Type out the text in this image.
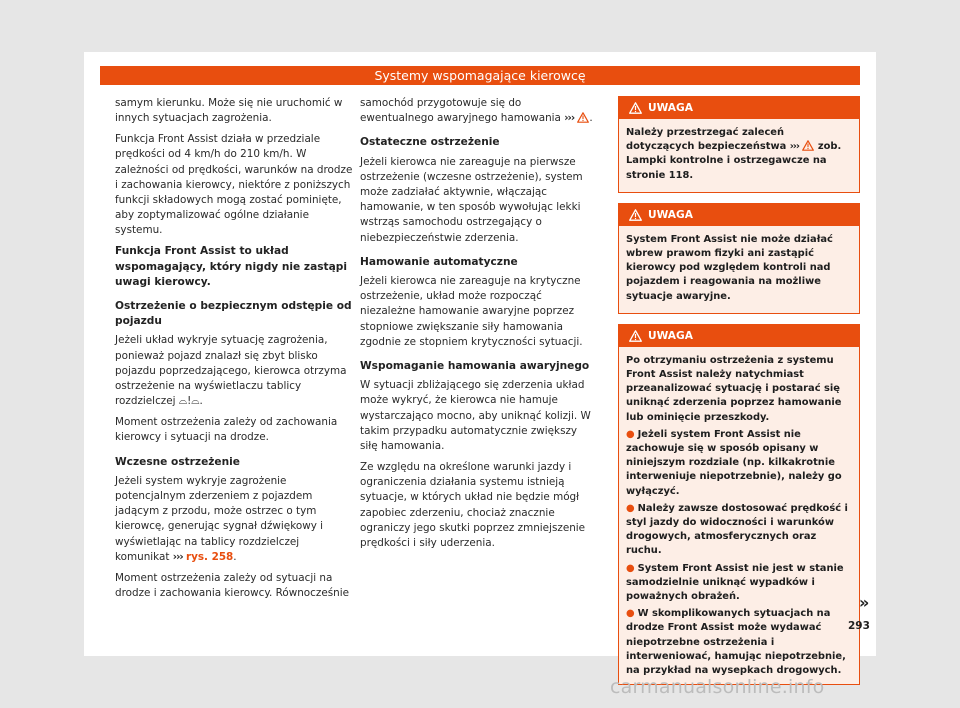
Systemy wspomagające kierowcę

samym kierunku. Może się nie uruchomić w innych sytuacjach zagrożenia.

Funkcja Front Assist działa w przedziale prędkości od 4 km/h do 210 km/h. W zależności od prędkości, warunków na drodze i zachowania kierowcy, niektóre z poniższych funkcji składowych mogą zostać pominięte, aby zoptymalizować ogólne działanie systemu.

Funkcja Front Assist to układ wspomagający, który nigdy nie zastąpi uwagi kierowcy.
Ostrzeżenie o bezpiecznym odstępie od pojazdu

Jeżeli układ wykryje sytuację zagrożenia, ponieważ pojazd znalazł się zbyt blisko pojazdu poprzedzającego, kierowca otrzyma ostrzeżenie na wyświetlaczu tablicy rozdzielczej ⌓!⌓.

Moment ostrzeżenia zależy od zachowania kierowcy i sytuacji na drodze.

Wczesne ostrzeżenie

Jeżeli system wykryje zagrożenie potencjalnym zderzeniem z pojazdem jadącym z przodu, może ostrzec o tym kierowcę, generując sygnał dźwiękowy i wyświetlając na tablicy rozdzielczej komunikat ››› rys. 258.

Moment ostrzeżenia zależy od sytuacji na drodze i zachowania kierowcy. Równocześnie

samochód przygotowuje się do ewentualnego awaryjnego hamowania ››› .

Ostateczne ostrzeżenie

Jeżeli kierowca nie zareaguje na pierwsze ostrzeżenie (wczesne ostrzeżenie), system może zadziałać aktywnie, włączając hamowanie, w ten sposób wywołując lekki wstrząs samochodu ostrzegający o niebezpieczeństwie zderzenia.

Hamowanie automatyczne

Jeżeli kierowca nie zareaguje na krytyczne ostrzeżenie, układ może rozpocząć niezależne hamowanie awaryjne poprzez stopniowe zwiększanie siły hamowania zgodnie ze stopniem krytyczności sytuacji.

Wspomaganie hamowania awaryjnego

W sytuacji zbliżającego się zderzenia układ może wykryć, że kierowca nie hamuje wystarczająco mocno, aby uniknąć kolizji. W takim przypadku automatycznie zwiększy siłę hamowania.

Ze względu na określone warunki jazdy i ograniczenia działania systemu istnieją sytuacje, w których układ nie będzie mógł zapobiec zderzeniu, chociaż znacznie ograniczy jego skutki poprzez zmniejszenie prędkości i siły uderzenia.

UWAGA

Należy przestrzegać zaleceń dotyczących bezpieczeństwa ››› zob. Lampki kontrolne i ostrzegawcze na stronie 118.

UWAGA

System Front Assist nie może działać wbrew prawom fizyki ani zastąpić kierowcy pod względem kontroli nad pojazdem i reagowania na możliwe sytuacje awaryjne.

UWAGA

Po otrzymaniu ostrzeżenia z systemu Front Assist należy natychmiast przeanalizować sytuację i postarać się uniknąć zderzenia poprzez hamowanie lub ominięcie przeszkody.

● Jeżeli system Front Assist nie zachowuje się w sposób opisany w niniejszym rozdziale (np. kilkakrotnie interweniuje niepotrzebnie), należy go wyłączyć.

● Należy zawsze dostosować prędkość i styl jazdy do widoczności i warunków drogowych, atmosferycznych oraz ruchu.

● System Front Assist nie jest w stanie samodzielnie uniknąć wypadków i poważnych obrażeń.

● W skomplikowanych sytuacjach na drodze Front Assist może wydawać niepotrzebne ostrzeżenia i interweniować, hamując niepotrzebnie, na przykład na wysepkach drogowych.

»
293
carmanualsonline.info
